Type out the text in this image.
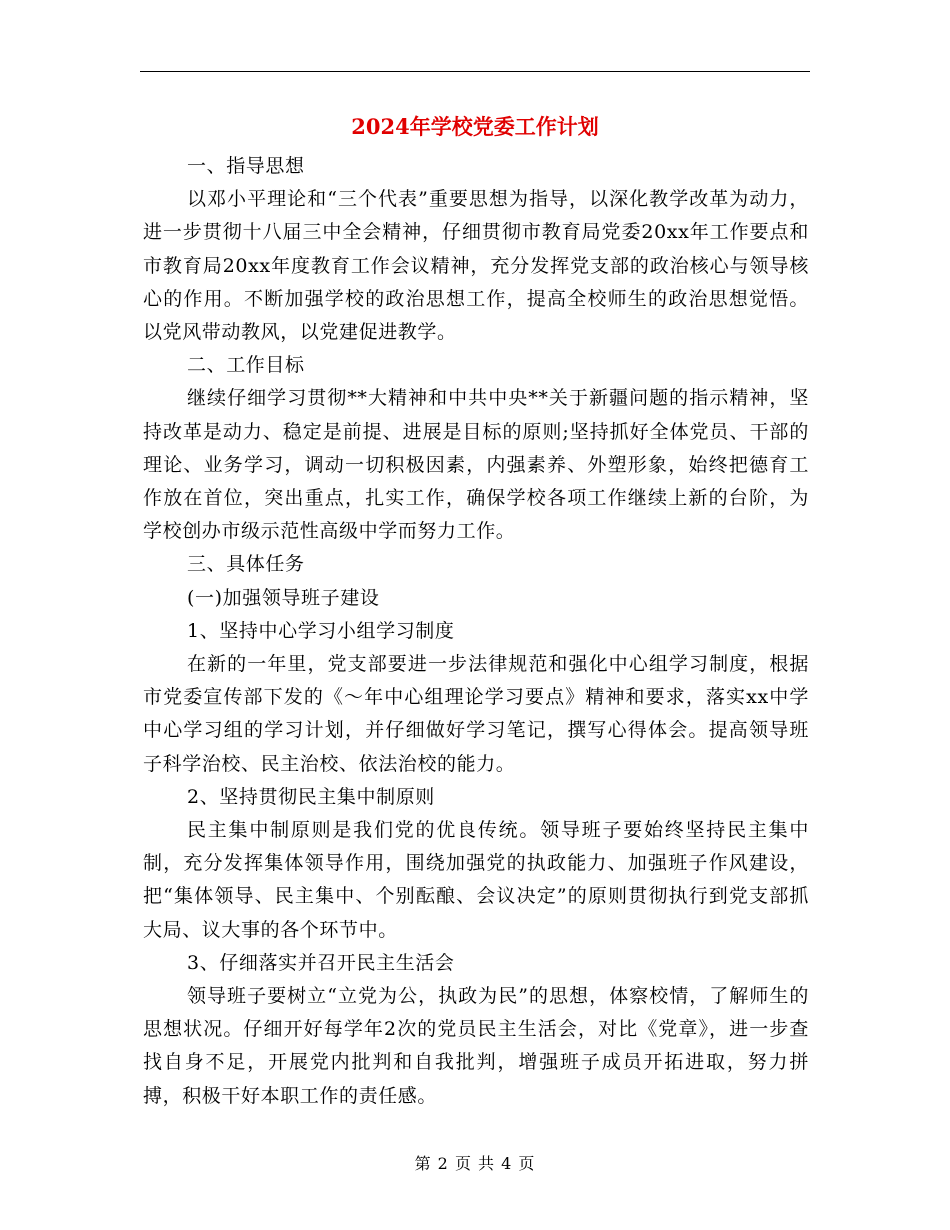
2024年学校党委工作计划

一、指导思想

以邓小平理论和“三个代表”重要思想为指导，以深化教学改革为动力，进一步贯彻十八届三中全会精神，仔细贯彻市教育局党委20xx年工作要点和市教育局20xx年度教育工作会议精神，充分发挥党支部的政治核心与领导核心的作用。不断加强学校的政治思想工作，提高全校师生的政治思想觉悟。以党风带动教风，以党建促进教学。

二、工作目标

继续仔细学习贯彻**大精神和中共中央**关于新疆问题的指示精神，坚持改革是动力、稳定是前提、进展是目标的原则;坚持抓好全体党员、干部的理论、业务学习，调动一切积极因素，内强素养、外塑形象，始终把德育工作放在首位，突出重点，扎实工作，确保学校各项工作继续上新的台阶，为学校创办市级示范性高级中学而努力工作。

三、具体任务

(一)加强领导班子建设

1、坚持中心学习小组学习制度

在新的一年里，党支部要进一步法律规范和强化中心组学习制度，根据市党委宣传部下发的《～年中心组理论学习要点》精神和要求，落实xx中学中心学习组的学习计划，并仔细做好学习笔记，撰写心得体会。提高领导班子科学治校、民主治校、依法治校的能力。

2、坚持贯彻民主集中制原则

民主集中制原则是我们党的优良传统。领导班子要始终坚持民主集中制，充分发挥集体领导作用，围绕加强党的执政能力、加强班子作风建设，把“集体领导、民主集中、个别酝酿、会议决定”的原则贯彻执行到党支部抓大局、议大事的各个环节中。

3、仔细落实并召开民主生活会

领导班子要树立“立党为公，执政为民”的思想，体察校情，了解师生的思想状况。仔细开好每学年2次的党员民主生活会，对比《党章》，进一步查找自身不足，开展党内批判和自我批判，增强班子成员开拓进取，努力拼搏，积极干好本职工作的责任感。

第 2 页 共 4 页
